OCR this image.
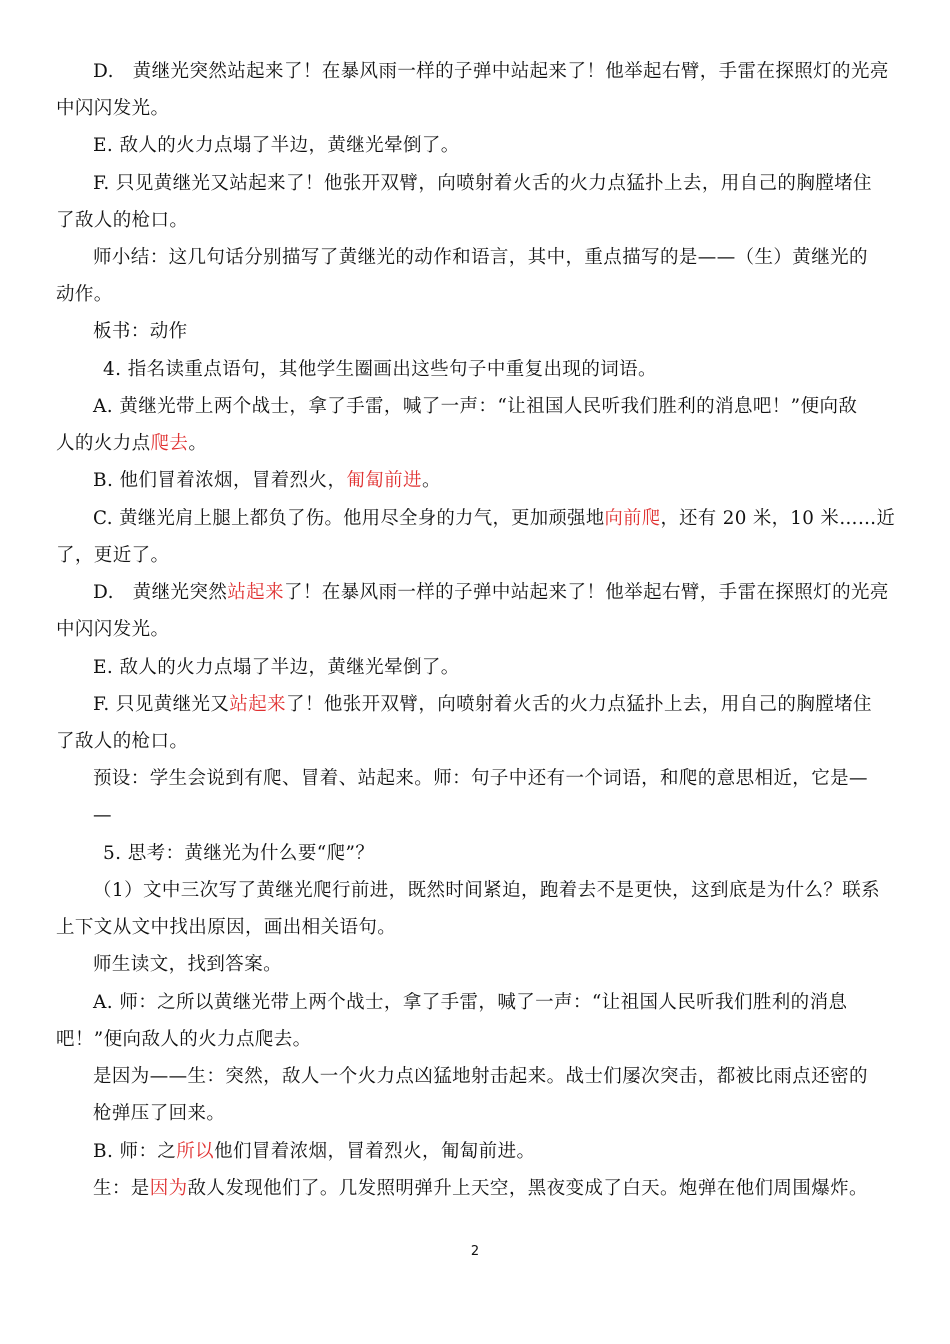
D.　黄继光突然站起来了！在暴风雨一样的子弹中站起来了！他举起右臂，手雷在探照灯的光亮
中闪闪发光。
E. 敌人的火力点塌了半边，黄继光晕倒了。
F. 只见黄继光又站起来了！他张开双臂，向喷射着火舌的火力点猛扑上去，用自己的胸膛堵住
了敌人的枪口。
师小结：这几句话分别描写了黄继光的动作和语言，其中，重点描写的是——（生）黄继光的
动作。
板书：动作
4. 指名读重点语句，其他学生圈画出这些句子中重复出现的词语。
A. 黄继光带上两个战士，拿了手雷，喊了一声：“让祖国人民听我们胜利的消息吧！”便向敌
人的火力点爬去。
B. 他们冒着浓烟，冒着烈火，匍匐前进。
C. 黄继光肩上腿上都负了伤。他用尽全身的力气，更加顽强地向前爬，还有 20 米，10 米……近
了，更近了。
D.　黄继光突然站起来了！在暴风雨一样的子弹中站起来了！他举起右臂，手雷在探照灯的光亮
中闪闪发光。
E. 敌人的火力点塌了半边，黄继光晕倒了。
F. 只见黄继光又站起来了！他张开双臂，向喷射着火舌的火力点猛扑上去，用自己的胸膛堵住
了敌人的枪口。
预设：学生会说到有爬、冒着、站起来。师：句子中还有一个词语，和爬的意思相近，它是—
—
5. 思考：黄继光为什么要“爬”？
（1）文中三次写了黄继光爬行前进，既然时间紧迫，跑着去不是更快，这到底是为什么？联系
上下文从文中找出原因，画出相关语句。
师生读文，找到答案。
A. 师：之所以黄继光带上两个战士，拿了手雷，喊了一声：“让祖国人民听我们胜利的消息
吧！”便向敌人的火力点爬去。
是因为——生：突然，敌人一个火力点凶猛地射击起来。战士们屡次突击，都被比雨点还密的
枪弹压了回来。
B. 师：之所以他们冒着浓烟，冒着烈火，匍匐前进。
生：是因为敌人发现他们了。几发照明弹升上天空，黑夜变成了白天。炮弹在他们周围爆炸。
2
